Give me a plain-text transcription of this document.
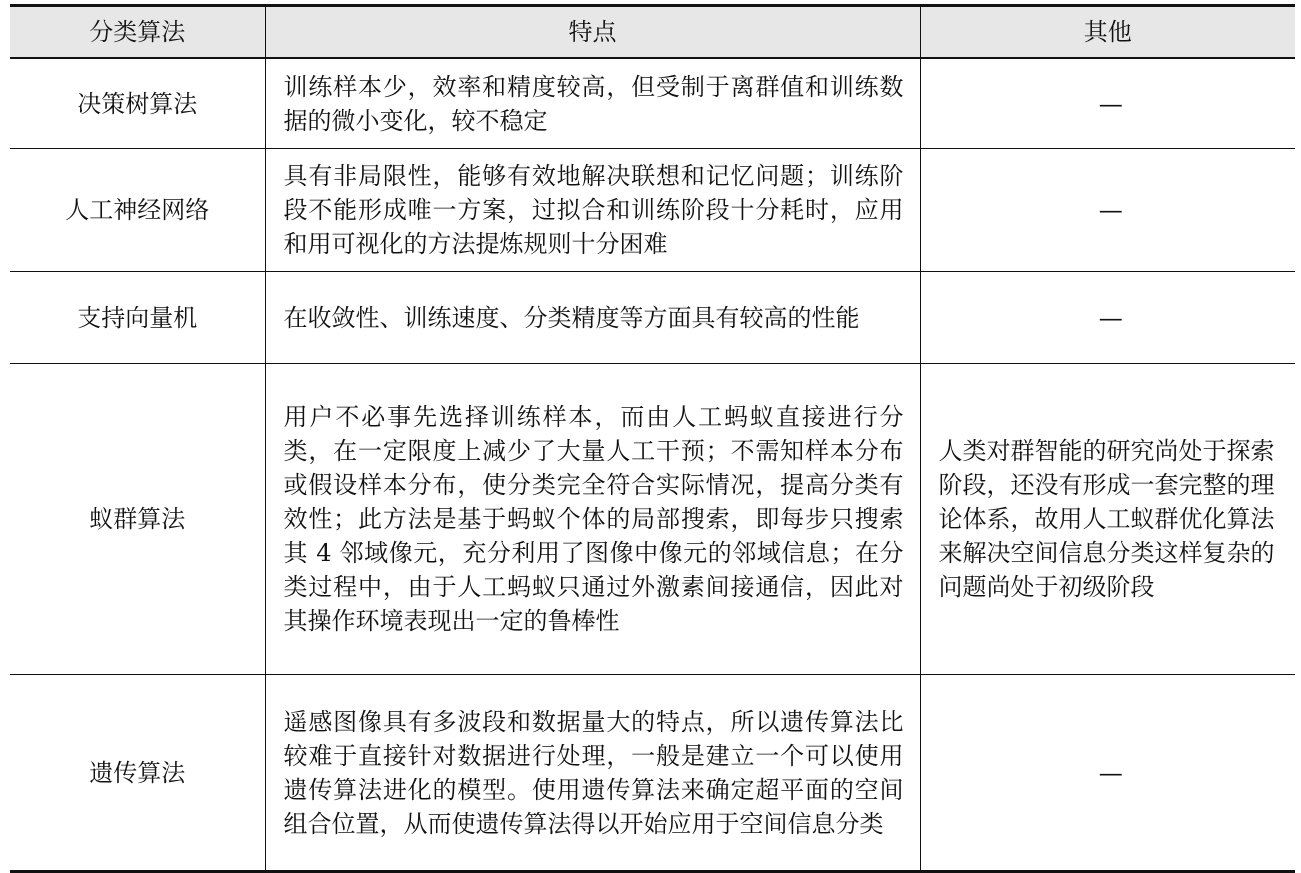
分类算法	特点	其他
决策树算法	训练样本少，效率和精度较高，但受制于离群值和训练数据的微小变化，较不稳定	—
人工神经网络	具有非局限性，能够有效地解决联想和记忆问题；训练阶段不能形成唯一方案，过拟合和训练阶段十分耗时，应用和用可视化的方法提炼规则十分困难	—
支持向量机	在收敛性、训练速度、分类精度等方面具有较高的性能	—
蚁群算法	用户不必事先选择训练样本，而由人工蚂蚁直接进行分类，在一定限度上减少了大量人工干预；不需知样本分布或假设样本分布，使分类完全符合实际情况，提高分类有效性；此方法是基于蚂蚁个体的局部搜索，即每步只搜索其 4 邻域像元，充分利用了图像中像元的邻域信息；在分类过程中，由于人工蚂蚁只通过外激素间接通信，因此对其操作环境表现出一定的鲁棒性	人类对群智能的研究尚处于探索阶段，还没有形成一套完整的理论体系，故用人工蚁群优化算法来解决空间信息分类这样复杂的问题尚处于初级阶段
遗传算法	遥感图像具有多波段和数据量大的特点，所以遗传算法比较难于直接针对数据进行处理，一般是建立一个可以使用遗传算法进化的模型。使用遗传算法来确定超平面的空间组合位置，从而使遗传算法得以开始应用于空间信息分类	—
